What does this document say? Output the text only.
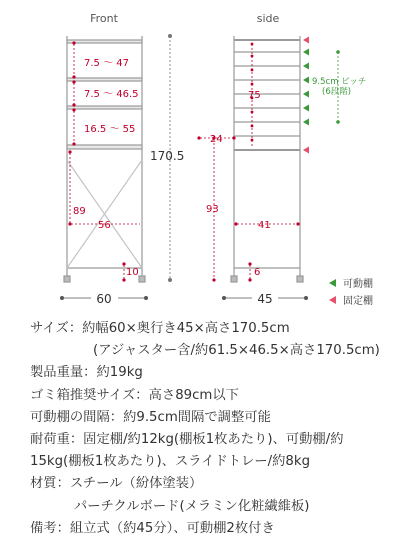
Front	side
7.5 ～ 47
7.5 ～ 46.5
16.5 ～ 55
89
56
10
170.5
60
75
24
93
41
6
45
9.5cm ピッチ
(6段階)
可動棚
固定棚
サイズ：約幅60×奥行き45×高さ170.5cm
(アジャスター含/約61.5×46.5×高さ170.5cm)
製品重量：約19kg
ゴミ箱推奨サイズ：高さ89cm以下
可動棚の間隔：約9.5cm間隔で調整可能
耐荷重：固定棚/約12kg(棚板1枚あたり)、可動棚/約
15kg(棚板1枚あたり)、スライドトレー/約8kg
材質：スチール（紛体塗装）
パーチクルボード(メラミン化粧繊維板)
備考：組立式（約45分）、可動棚2枚付き
